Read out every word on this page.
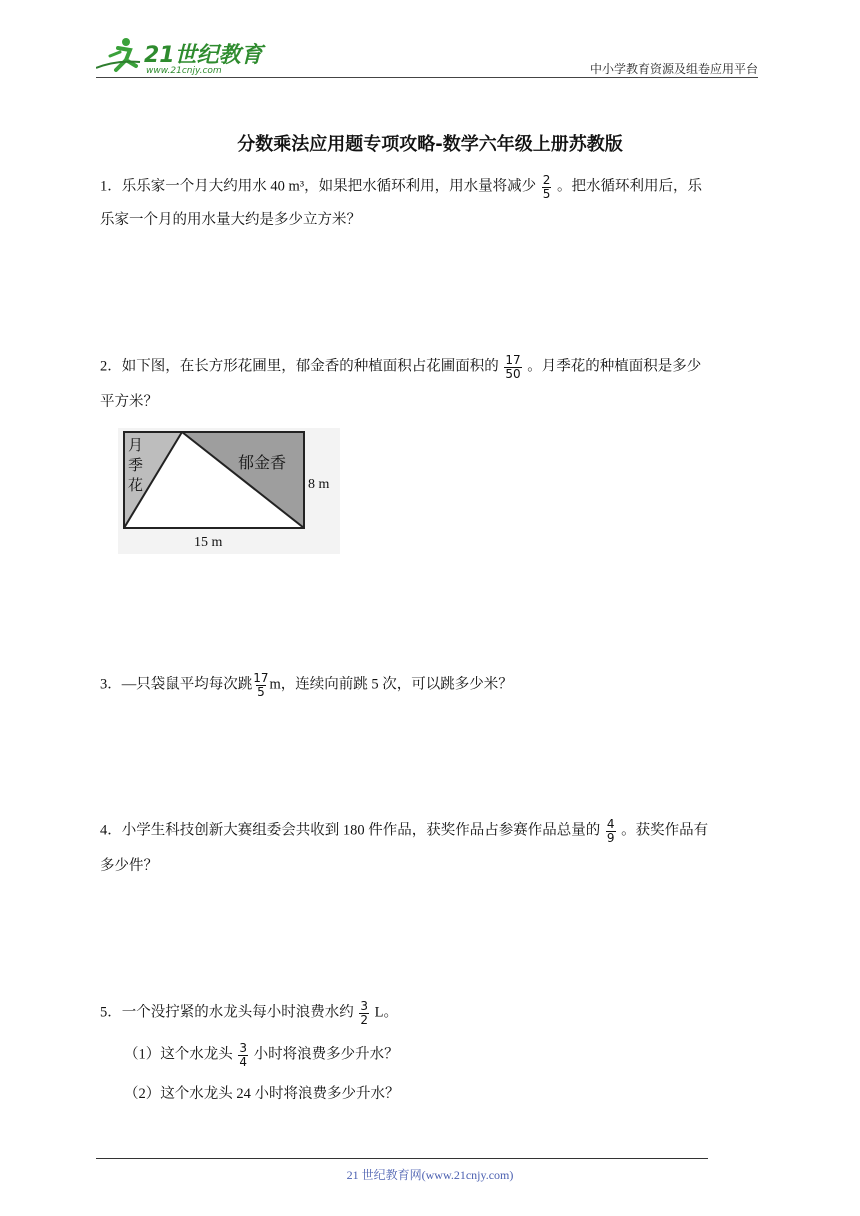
21世纪教育
www.21cnjy.com	中小学教育资源及组卷应用平台
分数乘法应用题专项攻略-数学六年级上册苏教版
1．乐乐家一个月大约用水 40 m³，如果把水循环利用，用水量将减少 $\frac{2}{5}$ 。把水循环利用后，乐
乐家一个月的用水量大约是多少立方米？
2．如下图，在长方形花圃里，郁金香的种植面积占花圃面积的 $\frac{17}{50}$ 。月季花的种植面积是多少
平方米？
月
季
花
郁金香
8 m
15 m
3．—只袋鼠平均每次跳 $\frac{17}{5}$ m，连续向前跳 5 次，可以跳多少米？
4．小学生科技创新大赛组委会共收到 180 件作品，获奖作品占参赛作品总量的 $\frac{4}{9}$ 。获奖作品有
多少件？
5．一个没拧紧的水龙头每小时浪费水约 $\frac{3}{2}$ L。
（1）这个水龙头 $\frac{3}{4}$ 小时将浪费多少升水？
（2）这个水龙头 24 小时将浪费多少升水？
21 世纪教育网(www.21cnjy.com)
